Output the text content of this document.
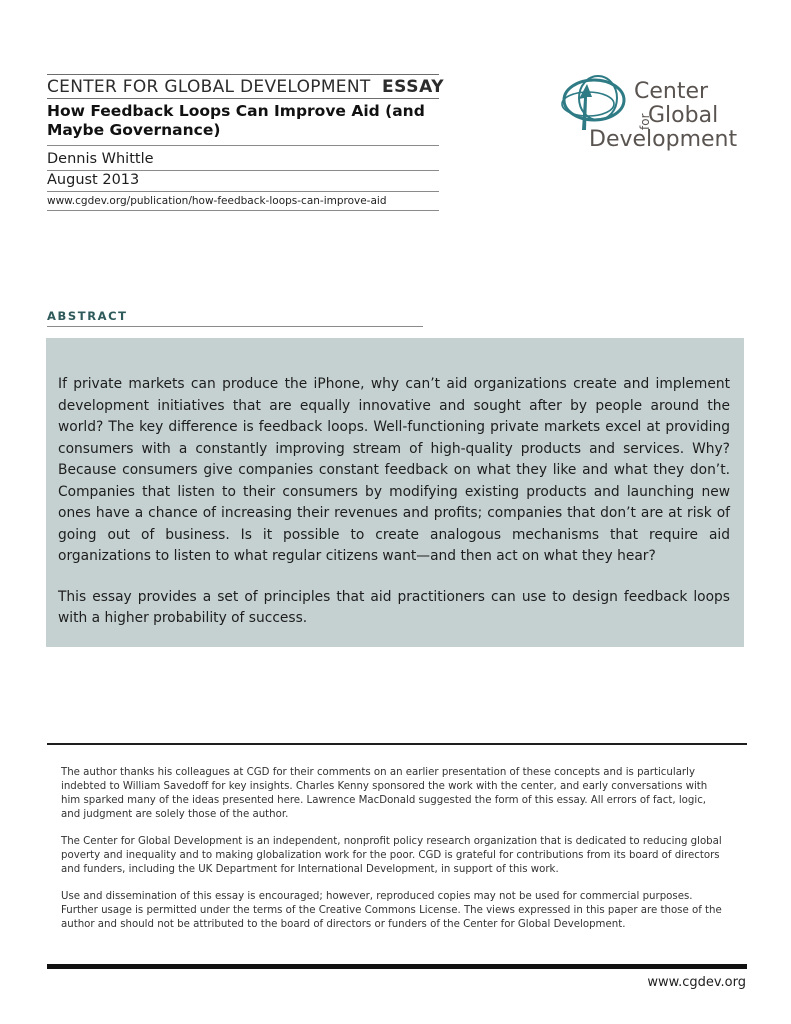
CENTER FOR GLOBAL DEVELOPMENT ESSAY
How Feedback Loops Can Improve Aid (and Maybe Governance)
Dennis Whittle
August 2013
www.cgdev.org/publication/how-feedback-loops-can-improve-aid
Center
Global
Development
for
ABSTRACT

If private markets can produce the iPhone, why can’t aid organizations create and implement development initiatives that are equally innovative and sought after by people around the world? The key difference is feedback loops. Well-functioning private markets excel at providing consumers with a constantly improving stream of high-quality products and services. Why? Because consumers give companies constant feedback on what they like and what they don’t. Companies that listen to their consumers by modifying existing products and launching new ones have a chance of increasing their revenues and profits; companies that don’t are at risk of going out of business. Is it possible to create analogous mechanisms that require aid organizations to listen to what regular citizens want—and then act on what they hear?

This essay provides a set of principles that aid practitioners can use to design feedback loops with a higher probability of success.

The author thanks his colleagues at CGD for their comments on an earlier presentation of these concepts and is particularly indebted to William Savedoff for key insights. Charles Kenny sponsored the work with the center, and early conversations with him sparked many of the ideas presented here. Lawrence MacDonald suggested the form of this essay. All errors of fact, logic, and judgment are solely those of the author.

The Center for Global Development is an independent, nonprofit policy research organization that is dedicated to reducing global poverty and inequality and to making globalization work for the poor. CGD is grateful for contributions from its board of directors and funders, including the UK Department for International Development, in support of this work.

Use and dissemination of this essay is encouraged; however, reproduced copies may not be used for commercial purposes. Further usage is permitted under the terms of the Creative Commons License. The views expressed in this paper are those of the author and should not be attributed to the board of directors or funders of the Center for Global Development.

www.cgdev.org
